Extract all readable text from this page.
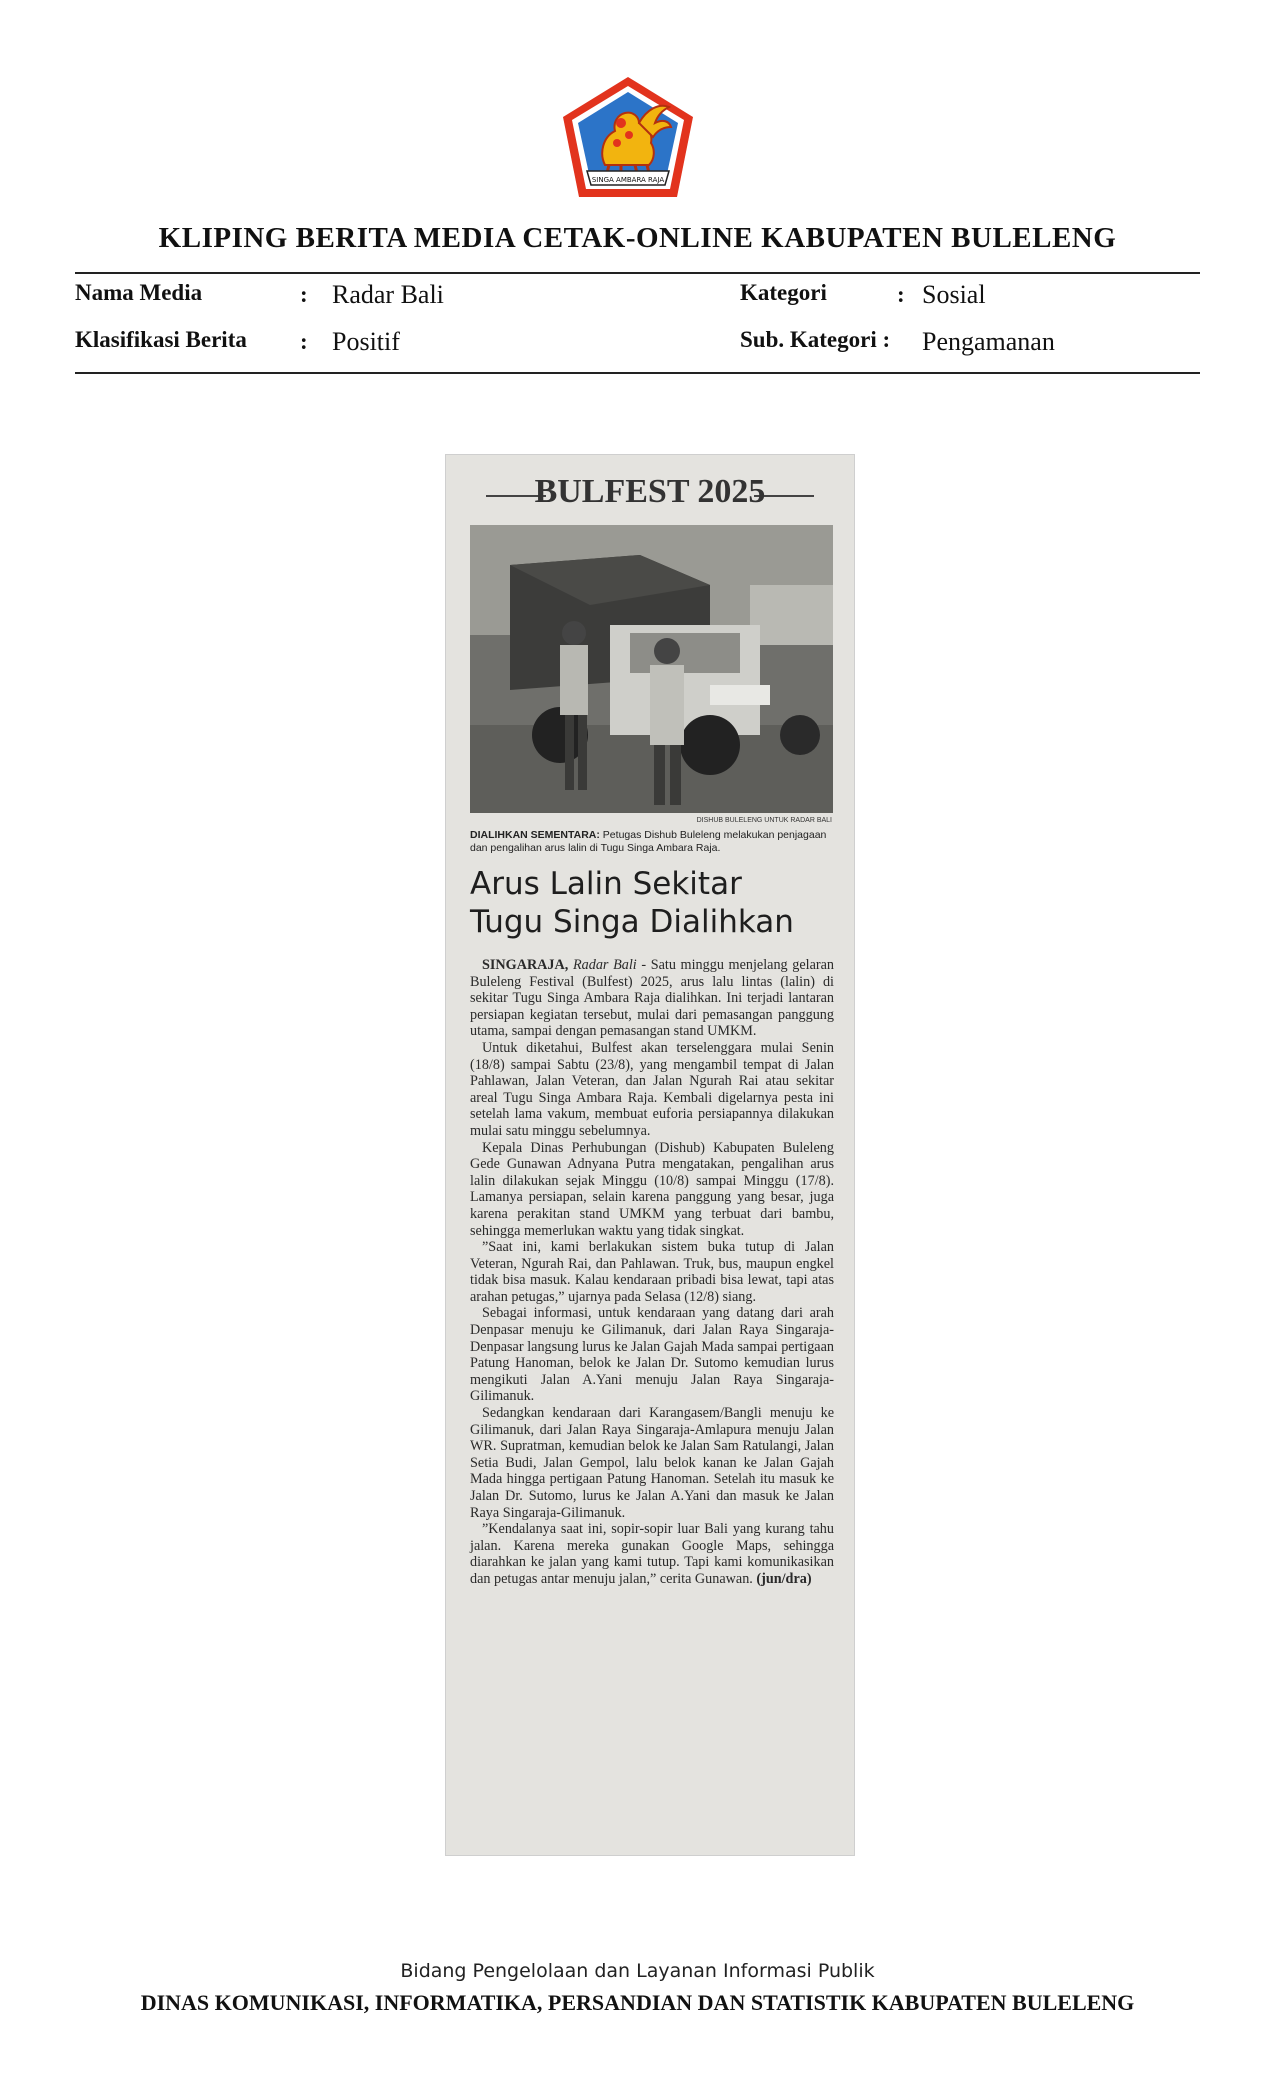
SINGA AMBARA RAJA
KLIPING BERITA MEDIA CETAK-ONLINE KABUPATEN BULELENG
Nama Media	: Radar Bali	Kategori	: Sosial
Klasifikasi Berita : Positif	Sub. Kategori : Pengamanan
BULFEST 2025
DISHUB BULELENG UNTUK RADAR BALI
DIALIHKAN SEMENTARA: Petugas Dishub Buleleng melakukan penjagaan dan pengalihan arus lalin di Tugu Singa Ambara Raja.
Arus Lalin Sekitar
Tugu Singa Dialihkan

SINGARAJA, Radar Bali - Satu minggu menjelang gelaran Buleleng Festival (Bulfest) 2025, arus lalu lintas (lalin) di sekitar Tugu Singa Ambara Raja dialihkan. Ini terjadi lantaran persiapan kegiatan tersebut, mulai dari pemasangan panggung utama, sampai dengan pemasangan stand UMKM.

Untuk diketahui, Bulfest akan terselenggara mulai Senin (18/8) sampai Sabtu (23/8), yang mengambil tempat di Jalan Pahlawan, Jalan Veteran, dan Jalan Ngurah Rai atau sekitar areal Tugu Singa Ambara Raja. Kembali digelarnya pesta ini setelah lama vakum, membuat euforia persiapannya dilakukan mulai satu minggu sebelumnya.

Kepala Dinas Perhubungan (Dishub) Kabupaten Buleleng Gede Gunawan Adnyana Putra mengatakan, pengalihan arus lalin dilakukan sejak Minggu (10/8) sampai Minggu (17/8). Lamanya persiapan, selain karena panggung yang besar, juga karena perakitan stand UMKM yang terbuat dari bambu, sehingga memerlukan waktu yang tidak singkat.

”Saat ini, kami berlakukan sistem buka tutup di Jalan Veteran, Ngurah Rai, dan Pahlawan. Truk, bus, maupun engkel tidak bisa masuk. Kalau kendaraan pribadi bisa lewat, tapi atas arahan petugas,” ujarnya pada Selasa (12/8) siang.

Sebagai informasi, untuk kendaraan yang datang dari arah Denpasar menuju ke Gilimanuk, dari Jalan Raya Singaraja-Denpasar langsung lurus ke Jalan Gajah Mada sampai pertigaan Patung Hanoman, belok ke Jalan Dr. Sutomo kemudian lurus mengikuti Jalan A.Yani menuju Jalan Raya Singaraja-Gilimanuk.

Sedangkan kendaraan dari Karangasem/Bangli menuju ke Gilimanuk, dari Jalan Raya Singaraja-Amlapura menuju Jalan WR. Supratman, kemudian belok ke Jalan Sam Ratulangi, Jalan Setia Budi, Jalan Gempol, lalu belok kanan ke Jalan Gajah Mada hingga pertigaan Patung Hanoman. Setelah itu masuk ke Jalan Dr. Sutomo, lurus ke Jalan A.Yani dan masuk ke Jalan Raya Singaraja-Gilimanuk.

”Kendalanya saat ini, sopir-sopir luar Bali yang kurang tahu jalan. Karena mereka gunakan Google Maps, sehingga diarahkan ke jalan yang kami tutup. Tapi kami komunikasikan dan petugas antar menuju jalan,” cerita Gunawan. (jun/dra)

Bidang Pengelolaan dan Layanan Informasi Publik
DINAS KOMUNIKASI, INFORMATIKA, PERSANDIAN DAN STATISTIK KABUPATEN BULELENG
